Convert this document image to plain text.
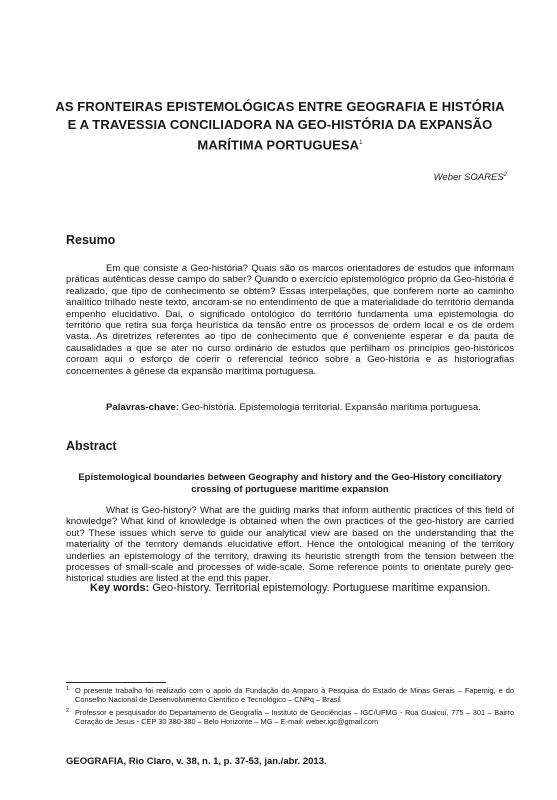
AS FRONTEIRAS EPISTEMOLÓGICAS ENTRE GEOGRAFIA E HISTÓRIA E A TRAVESSIA CONCILIADORA NA GEO-HISTÓRIA DA EXPANSÃO MARÍTIMA PORTUGUESA$^1$
Weber SOARES$^2$
Resumo
Em que consiste a Geo-história? Quais são os marcos orientadores de estudos que informam práticas autênticas desse campo do saber? Quando o exercício epistemológico próprio da Geo-história é realizado, que tipo de conhecimento se obtém? Essas interpelações, que conferem norte ao caminho analítico trilhado neste texto, ancoram-se no entendimento de que a materialidade do território demanda empenho elucidativo. Daí, o significado ontológico do território fundamenta uma epistemologia do território que retira sua força heurística da tensão entre os processos de ordem local e os de ordem vasta. As diretrizes referentes ao tipo de conhecimento que é conveniente esperar e da pauta de causalidades a que se ater no curso ordinário de estudos que perfilham os princípios geo-históricos coroam aqui o esforço de coerir o referencial teórico sobre a Geo-história e as historiografias concementes à gênese da expansão marítima portuguesa.
Palavras-chave: Geo-história. Epistemologia territorial. Expansão marítima portuguesa.
Abstract
Epistemological boundaries between Geography and history and the Geo-History conciliatory crossing of portuguese maritime expansion
What is Geo-history? What are the guiding marks that inform authentic practices of this field of knowledge? What kind of knowledge is obtained when the own practices of the geo-history are carried out? These issues which serve to guide our analytical view are based on the understanding that the materiality of the territory demands elucidative effort. Hence the ontological meaning of the territory underlies an epistemology of the territory, drawing its heuristic strength from the tension between the processes of small-scale and processes of wide-scale. Some reference points to orientate purely geo-historical studies are listed at the end this paper.
Key words: Geo-history. Territorial epistemology. Portuguese maritime expansion.
1 O presente trabalho foi realizado com o apoio da Fundação do Amparo à Pesquisa do Estado de Minas Gerais – Fapemig, e do Conselho Nacional de Desenvolvimento Científico e Tecnológico – CNPq – Brasil
2 Professor e pesquisador do Departamento de Geografia – Instituto de Geociências – IGC/UFMG - Rua Guaicuí, 775 – 301 – Bairro Coração de Jesus - CEP 30 380-380 – Belo Horizonte – MG – E-mail: weber.igc@gmail.com
GEOGRAFIA, Rio Claro, v. 38, n. 1, p. 37-53, jan./abr. 2013.
